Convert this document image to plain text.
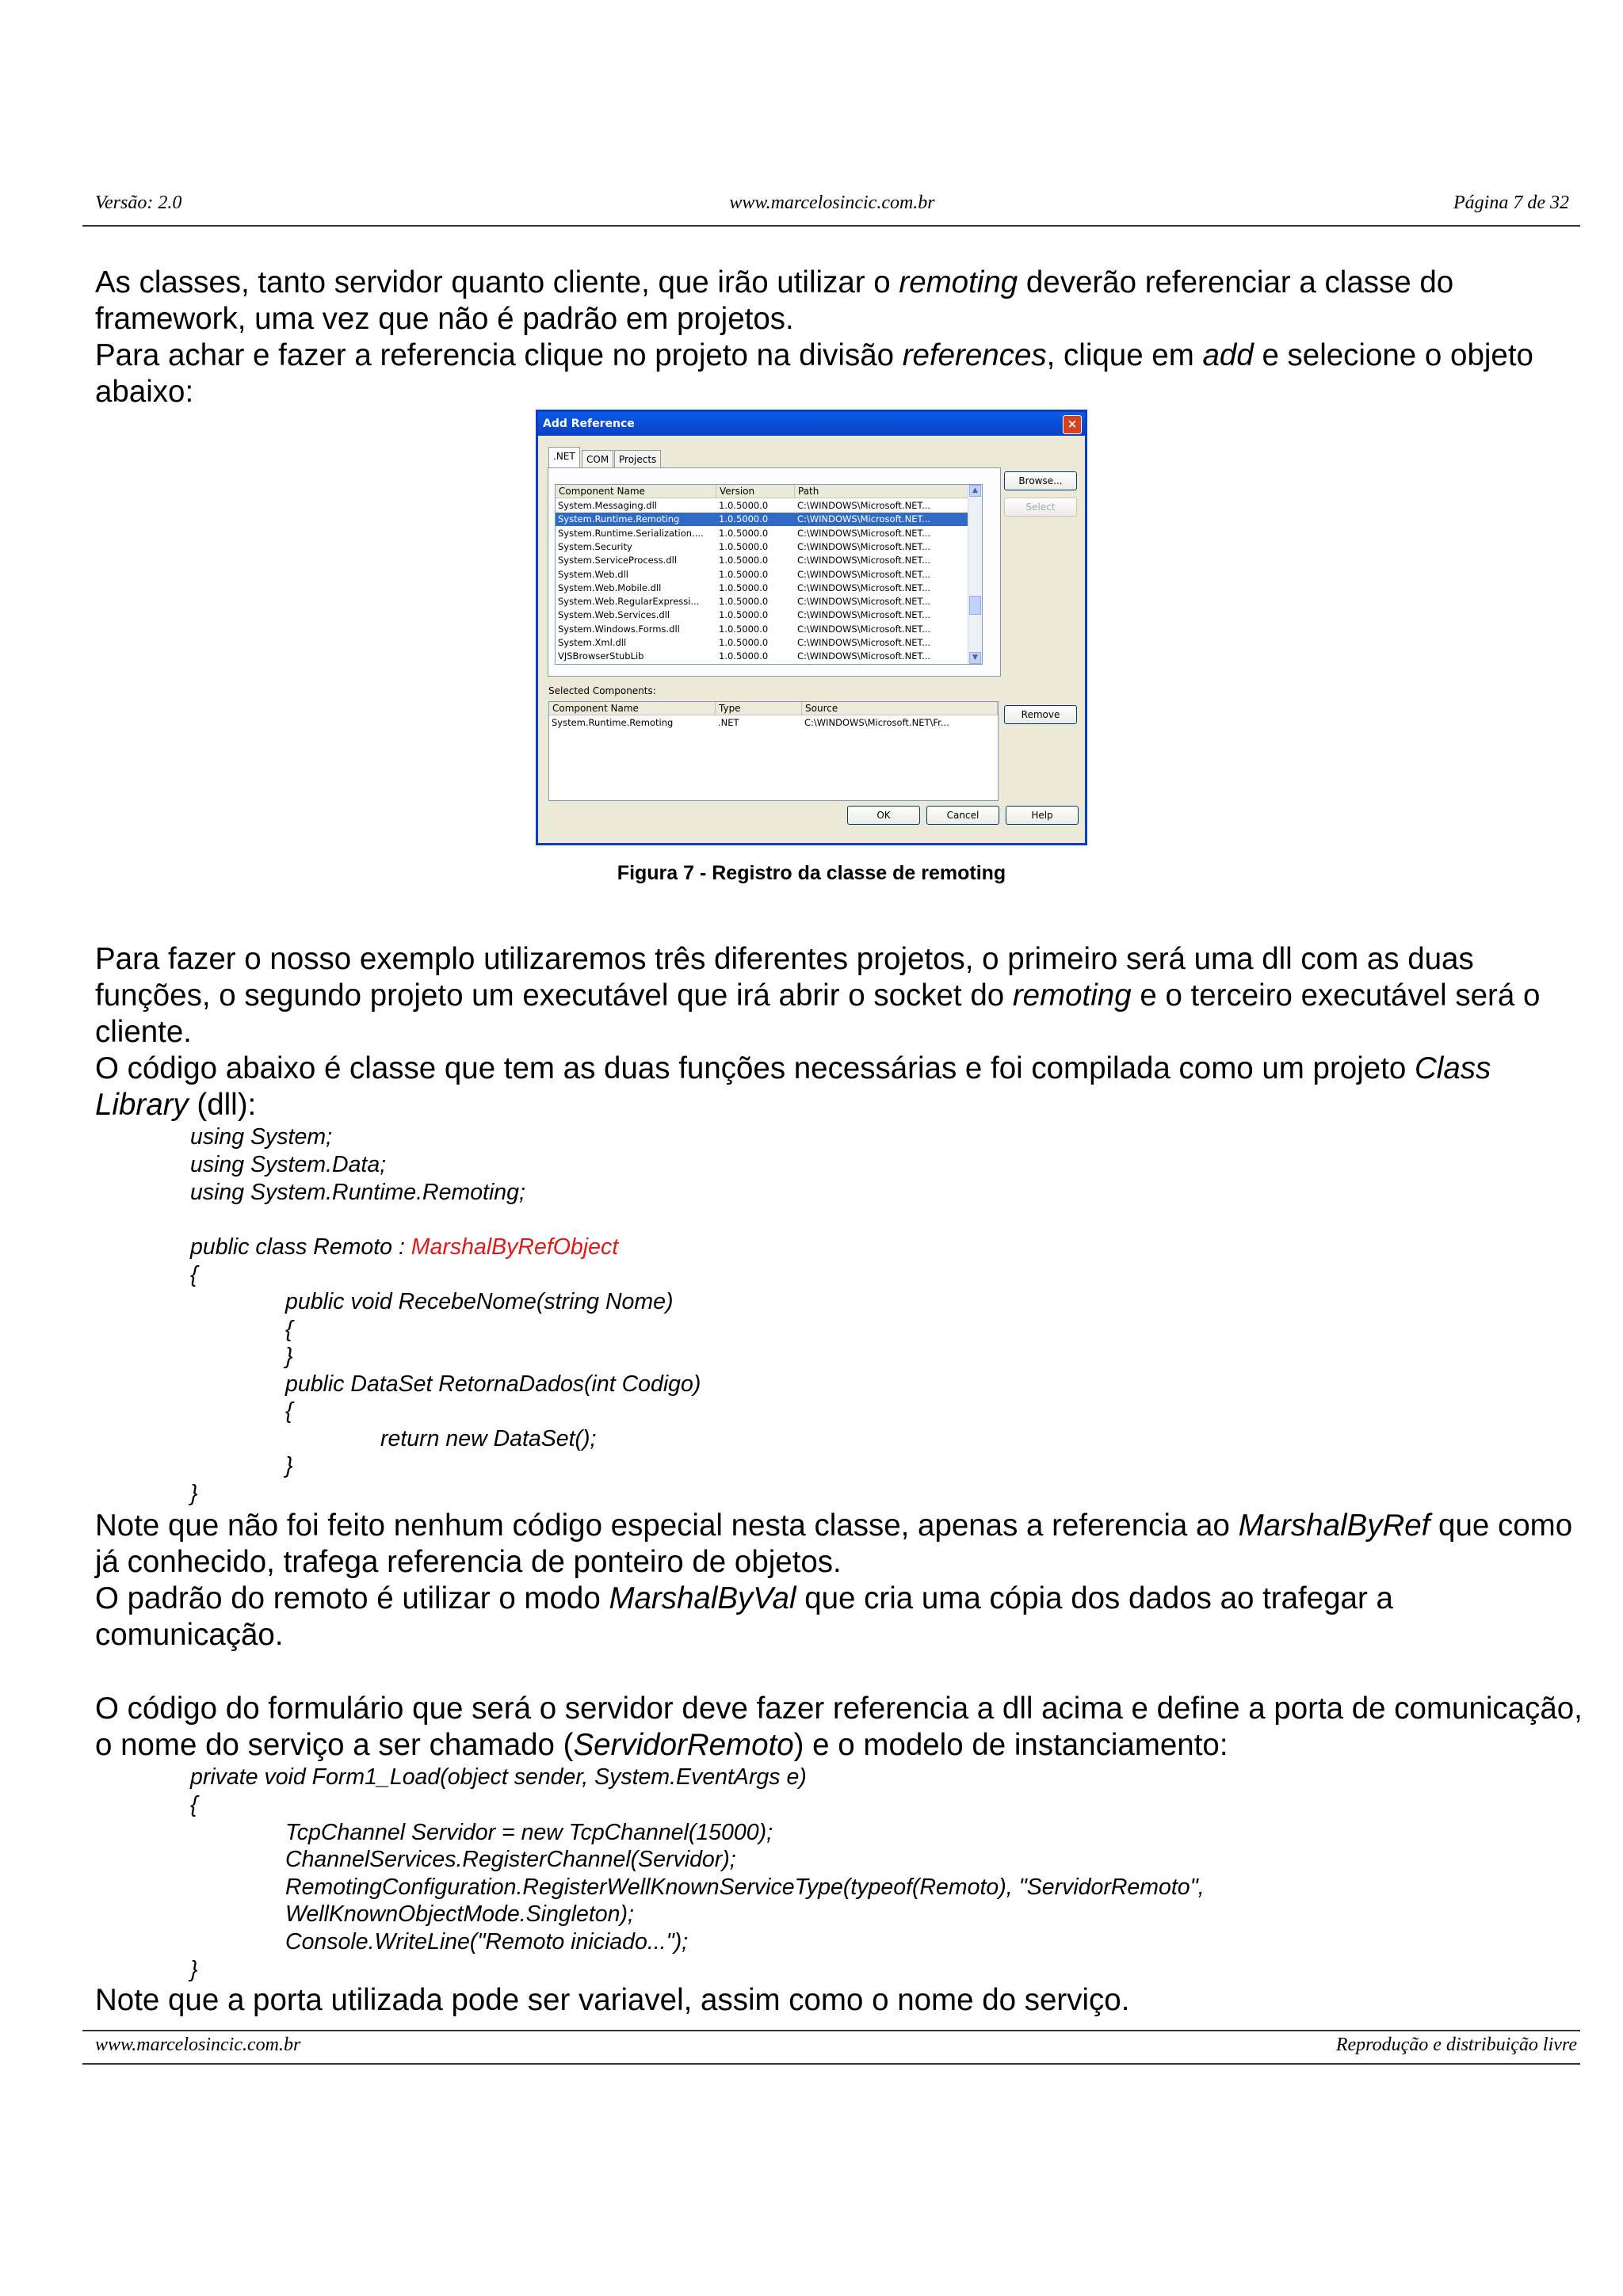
Versão: 2.0	www.marcelosincic.com.br	Página 7 de 32
As classes, tanto servidor quanto cliente, que irão utilizar o remoting deverão referenciar a classe do framework, uma vez que não é padrão em projetos.
Para achar e fazer a referencia clique no projeto na divisão references, clique em add e selecione o objeto abaixo:
Add Reference	×
.NET	COM	Projects
Component Name	Version	Path
System.Messaging.dll	1.0.5000.0	C:\WINDOWS\Microsoft.NET...
System.Runtime.Remoting	1.0.5000.0	C:\WINDOWS\Microsoft.NET...
System.Runtime.Serialization....	1.0.5000.0	C:\WINDOWS\Microsoft.NET...
System.Security	1.0.5000.0	C:\WINDOWS\Microsoft.NET...
System.ServiceProcess.dll	1.0.5000.0	C:\WINDOWS\Microsoft.NET...
System.Web.dll	1.0.5000.0	C:\WINDOWS\Microsoft.NET...
System.Web.Mobile.dll	1.0.5000.0	C:\WINDOWS\Microsoft.NET...
System.Web.RegularExpressi...	1.0.5000.0	C:\WINDOWS\Microsoft.NET...
System.Web.Services.dll	1.0.5000.0	C:\WINDOWS\Microsoft.NET...
System.Windows.Forms.dll	1.0.5000.0	C:\WINDOWS\Microsoft.NET...
System.Xml.dll	1.0.5000.0	C:\WINDOWS\Microsoft.NET...
VJSBrowserStubLib	1.0.5000.0	C:\WINDOWS\Microsoft.NET...
▲
▼
Browse...
Select
Selected Components:
Component Name	Type	Source
System.Runtime.Remoting	.NET	C:\WINDOWS\Microsoft.NET\Fr...
Remove
OK	Cancel	Help
Figura 7 - Registro da classe de remoting
Para fazer o nosso exemplo utilizaremos três diferentes projetos, o primeiro será uma dll com as duas funções, o segundo projeto um executável que irá abrir o socket do remoting e o terceiro executável será o cliente.
O código abaixo é classe que tem as duas funções necessárias e foi compilada como um projeto Class Library (dll):
using System;
using System.Data;
using System.Runtime.Remoting;
public class Remoto : MarshalByRefObject
{
public void RecebeNome(string Nome)
{
}
public DataSet RetornaDados(int Codigo)
{
return new DataSet();
}
}
Note que não foi feito nenhum código especial nesta classe, apenas a referencia ao MarshalByRef que como já conhecido, trafega referencia de ponteiro de objetos.
O padrão do remoto é utilizar o modo MarshalByVal que cria uma cópia dos dados ao trafegar a comunicação.
O código do formulário que será o servidor deve fazer referencia a dll acima e define a porta de comunicação, o nome do serviço a ser chamado (ServidorRemoto) e o modelo de instanciamento:
private void Form1_Load(object sender, System.EventArgs e)
{
TcpChannel Servidor = new TcpChannel(15000);
ChannelServices.RegisterChannel(Servidor);
RemotingConfiguration.RegisterWellKnownServiceType(typeof(Remoto), "ServidorRemoto",
WellKnownObjectMode.Singleton);
Console.WriteLine("Remoto iniciado...");
}
Note que a porta utilizada pode ser variavel, assim como o nome do serviço.
www.marcelosincic.com.br	Reprodução e distribuição livre
